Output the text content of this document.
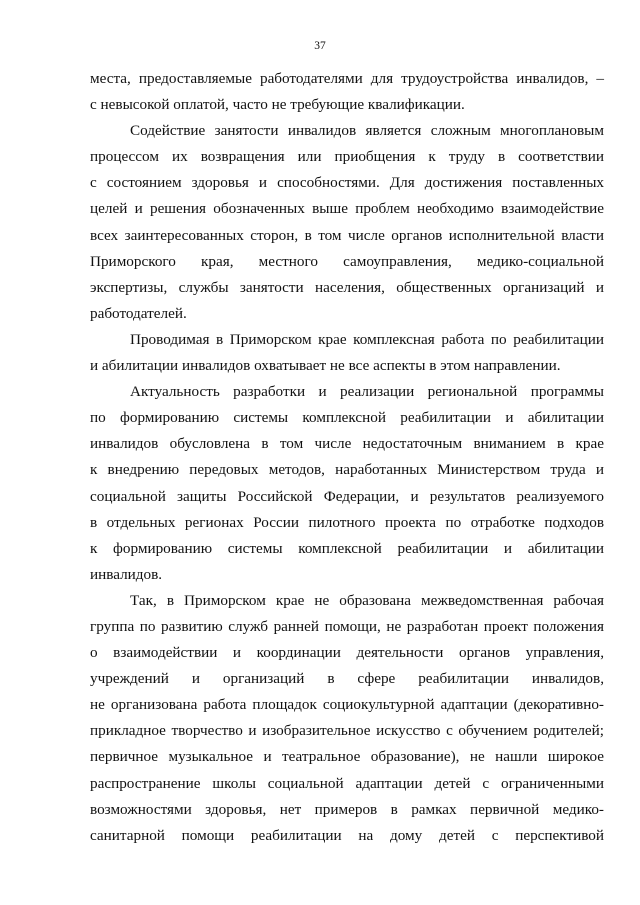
37
места, предоставляемые работодателями для трудоустройства инвалидов, –
с невысокой оплатой, часто не требующие квалификации.
Содействие занятости инвалидов является сложным многоплановым
процессом их возвращения или приобщения к труду в соответствии
с состоянием здоровья и способностями. Для достижения поставленных
целей и решения обозначенных выше проблем необходимо взаимодействие
всех заинтересованных сторон, в том числе органов исполнительной власти
Приморского края, местного самоуправления, медико-социальной
экспертизы, службы занятости населения, общественных организаций и
работодателей.
Проводимая в Приморском крае комплексная работа по реабилитации
и абилитации инвалидов охватывает не все аспекты в этом направлении.
Актуальность разработки и реализации региональной программы
по формированию системы комплексной реабилитации и абилитации
инвалидов обусловлена в том числе недостаточным вниманием в крае
к внедрению передовых методов, наработанных Министерством труда и
социальной защиты Российской Федерации, и результатов реализуемого
в отдельных регионах России пилотного проекта по отработке подходов
к формированию системы комплексной реабилитации и абилитации
инвалидов.
Так, в Приморском крае не образована межведомственная рабочая
группа по развитию служб ранней помощи, не разработан проект положения
о взаимодействии и координации деятельности органов управления,
учреждений и организаций в сфере реабилитации инвалидов,
не организована работа площадок социокультурной адаптации (декоративно-
прикладное творчество и изобразительное искусство с обучением родителей;
первичное музыкальное и театральное образование), не нашли широкое
распространение школы социальной адаптации детей с ограниченными
возможностями здоровья, нет примеров в рамках первичной медико-
санитарной помощи реабилитации на дому детей с перспективой
